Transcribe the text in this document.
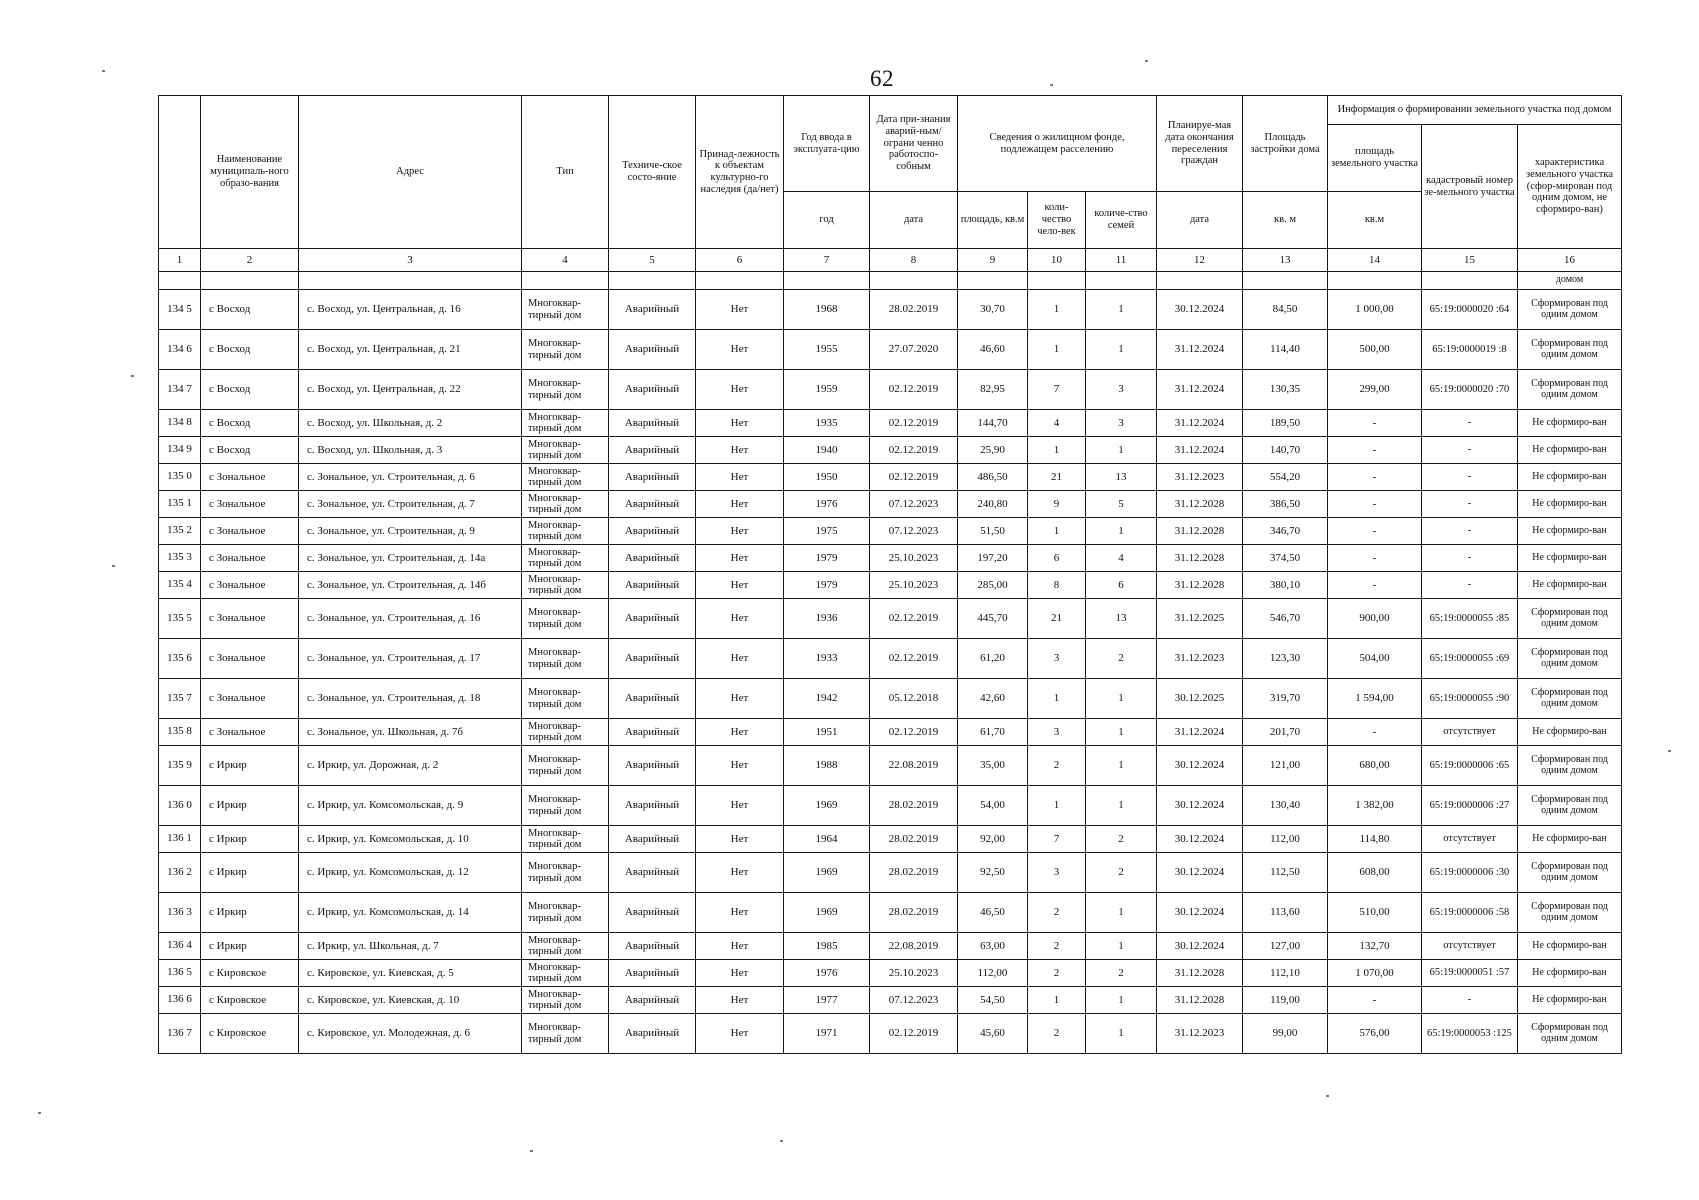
62
	Наименование муниципаль-ного образо-вания	Адрес	Тип	Техниче-ское состо-яние	Принад-лежность к объектам культурно-го наследия (да/нет)	Год ввода в эксплуата-цию	Дата при-знания аварий-ным/ограни ченно работоспо-собным	Сведения о жилищном фонде, подлежащем расселению			Планируе-мая дата окончания переселения граждан	Площадь застройки дома	Информация о формировании земельного участка под домом		
													площадь земельного участка	кадастровый номер зе-мельного участка	характеристика земельного участка (сфор-мирован под одним домом, не сформиро-ван)
						год	дата	площадь, кв.м	коли-чество чело-век	количе-ство семей	дата	кв. м	кв.м		
1	2	3	4	5	6	7	8	9	10	11	12	13	14	15	16
															домом
134 5	с Восход	с. Восход, ул. Центральная, д. 16	Многоквар-тирный дом	Аварийный	Нет	1968	28.02.2019	30,70	1	1	30.12.2024	84,50	1 000,00	65:19:0000020 :64	Сформирован под одним домом
134 6	с Восход	с. Восход, ул. Центральная, д. 21	Многоквар-тирный дом	Аварийный	Нет	1955	27.07.2020	46,60	1	1	31.12.2024	114,40	500,00	65:19:0000019 :8	Сформирован под одним домом
134 7	с Восход	с. Восход, ул. Центральная, д. 22	Многоквар-тирный дом	Аварийный	Нет	1959	02.12.2019	82,95	7	3	31.12.2024	130,35	299,00	65:19:0000020 :70	Сформирован под одним домом
134 8	с Восход	с. Восход, ул. Школьная, д. 2	Многоквар-тирный дом	Аварийный	Нет	1935	02.12.2019	144,70	4	3	31.12.2024	189,50	-	-	Не сформиро-ван
134 9	с Восход	с. Восход, ул. Школьная, д. 3	Многоквар-тирный дом	Аварийный	Нет	1940	02.12.2019	25,90	1	1	31.12.2024	140,70	-	-	Не сформиро-ван
135 0	с Зональное	с. Зональное, ул. Строительная, д. 6	Многоквар-тирный дом	Аварийный	Нет	1950	02.12.2019	486,50	21	13	31.12.2023	554,20	-	-	Не сформиро-ван
135 1	с Зональное	с. Зональное, ул. Строительная, д. 7	Многоквар-тирный дом	Аварийный	Нет	1976	07.12.2023	240,80	9	5	31.12.2028	386,50	-	-	Не сформиро-ван
135 2	с Зональное	с. Зональное, ул. Строительная, д. 9	Многоквар-тирный дом	Аварийный	Нет	1975	07.12.2023	51,50	1	1	31.12.2028	346,70	-	-	Не сформиро-ван
135 3	с Зональное	с. Зональное, ул. Строительная, д. 14а	Многоквар-тирный дом	Аварийный	Нет	1979	25.10.2023	197,20	6	4	31.12.2028	374,50	-	-	Не сформиро-ван
135 4	с Зональное	с. Зональное, ул. Строительная, д. 14б	Многоквар-тирный дом	Аварийный	Нет	1979	25.10.2023	285,00	8	6	31.12.2028	380,10	-	-	Не сформиро-ван
135 5	с Зональное	с. Зональное, ул. Строительная, д. 16	Многоквар-тирный дом	Аварийный	Нет	1936	02.12.2019	445,70	21	13	31.12.2025	546,70	900,00	65:19:0000055 :85	Сформирован под одним домом
135 6	с Зональное	с. Зональное, ул. Строительная, д. 17	Многоквар-тирный дом	Аварийный	Нет	1933	02.12.2019	61,20	3	2	31.12.2023	123,30	504,00	65:19:0000055 :69	Сформирован под одним домом
135 7	с Зональное	с. Зональное, ул. Строительная, д. 18	Многоквар-тирный дом	Аварийный	Нет	1942	05.12.2018	42,60	1	1	30.12.2025	319,70	1 594,00	65:19:0000055 :90	Сформирован под одним домом
135 8	с Зональное	с. Зональное, ул. Школьная, д. 7б	Многоквар-тирный дом	Аварийный	Нет	1951	02.12.2019	61,70	3	1	31.12.2024	201,70	-	отсутствует	Не сформиро-ван
135 9	с Иркир	с. Иркир, ул. Дорожная, д. 2	Многоквар-тирный дом	Аварийный	Нет	1988	22.08.2019	35,00	2	1	30.12.2024	121,00	680,00	65:19:0000006 :65	Сформирован под одним домом
136 0	с Иркир	с. Иркир, ул. Комсомольская, д. 9	Многоквар-тирный дом	Аварийный	Нет	1969	28.02.2019	54,00	1	1	30.12.2024	130,40	1 382,00	65:19:0000006 :27	Сформирован под одним домом
136 1	с Иркир	с. Иркир, ул. Комсомольская, д. 10	Многоквар-тирный дом	Аварийный	Нет	1964	28.02.2019	92,00	7	2	30.12.2024	112,00	114,80	отсутствует	Не сформиро-ван
136 2	с Иркир	с. Иркир, ул. Комсомольская, д. 12	Многоквар-тирный дом	Аварийный	Нет	1969	28.02.2019	92,50	3	2	30.12.2024	112,50	608,00	65:19:0000006 :30	Сформирован под одним домом
136 3	с Иркир	с. Иркир, ул. Комсомольская, д. 14	Многоквар-тирный дом	Аварийный	Нет	1969	28.02.2019	46,50	2	1	30.12.2024	113,60	510,00	65:19:0000006 :58	Сформирован под одним домом
136 4	с Иркир	с. Иркир, ул. Школьная, д. 7	Многоквар-тирный дом	Аварийный	Нет	1985	22.08.2019	63,00	2	1	30.12.2024	127,00	132,70	отсутствует	Не сформиро-ван
136 5	с Кировское	с. Кировское, ул. Киевская, д. 5	Многоквар-тирный дом	Аварийный	Нет	1976	25.10.2023	112,00	2	2	31.12.2028	112,10	1 070,00	65:19:0000051 :57	Не сформиро-ван
136 6	с Кировское	с. Кировское, ул. Киевская, д. 10	Многоквар-тирный дом	Аварийный	Нет	1977	07.12.2023	54,50	1	1	31.12.2028	119,00	-	-	Не сформиро-ван
136 7	с Кировское	с. Кировское, ул. Молодежная, д. 6	Многоквар-тирный дом	Аварийный	Нет	1971	02.12.2019	45,60	2	1	31.12.2023	99,00	576,00	65:19:0000053 :125	Сформирован под одним домом
